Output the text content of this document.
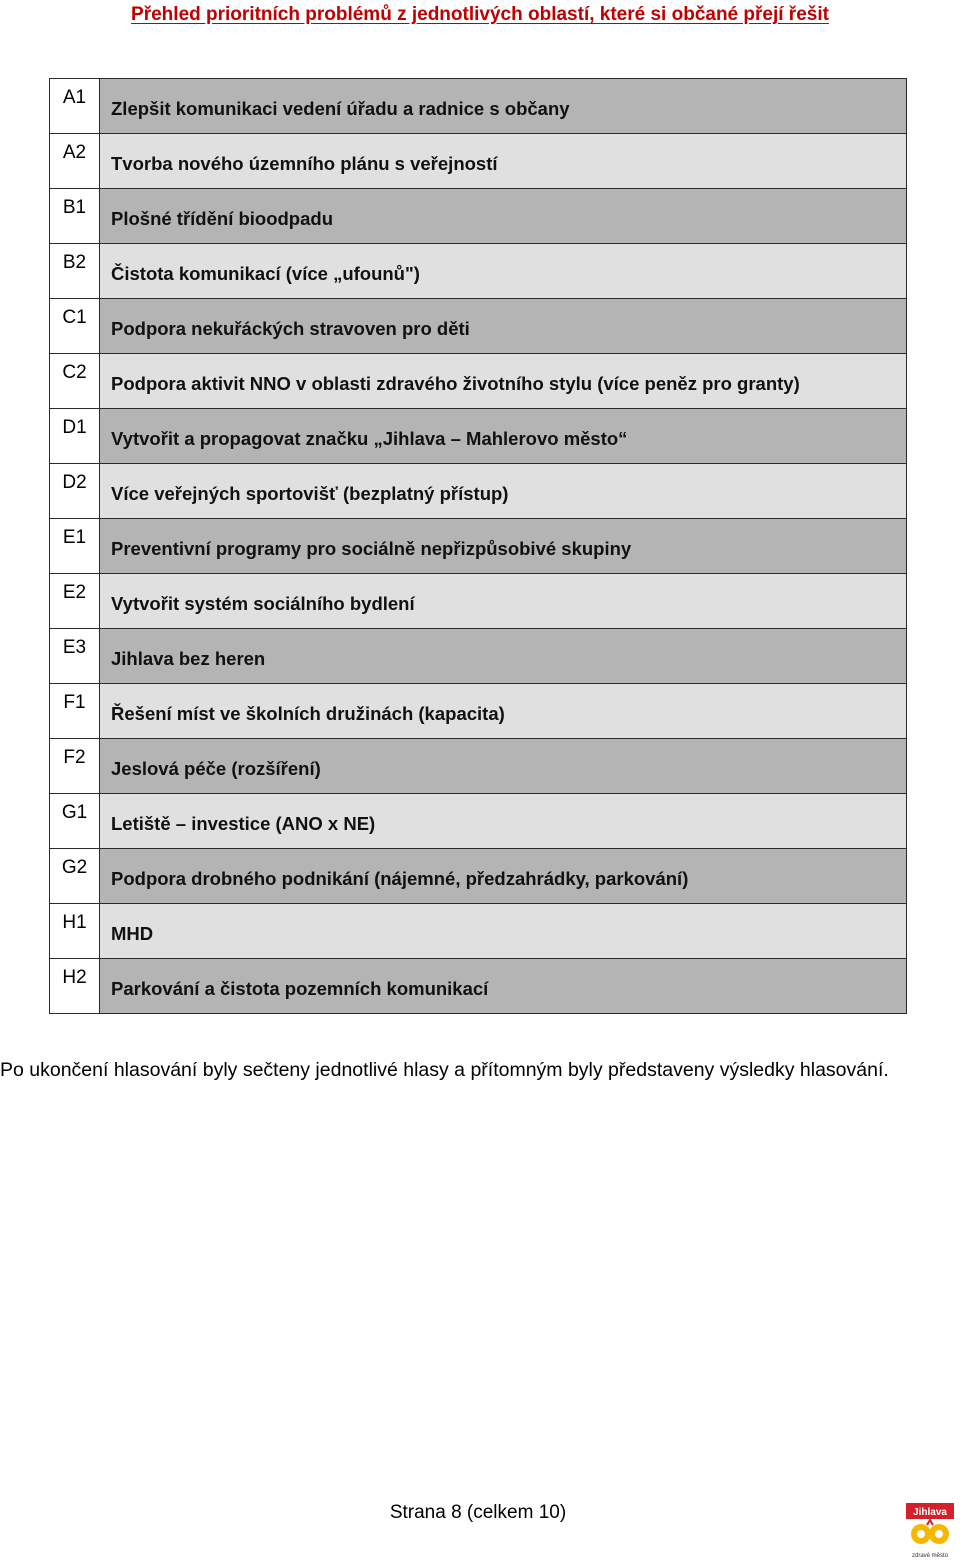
Přehled prioritních problémů z jednotlivých oblastí, které si občané přejí řešit
A1	Zlepšit komunikaci vedení úřadu a radnice s občany
A2	Tvorba nového územního plánu s veřejností
B1	Plošné třídění bioodpadu
B2	Čistota komunikací (více „ufounů")
C1	Podpora nekuřáckých stravoven pro děti
C2	Podpora aktivit NNO v oblasti zdravého životního stylu (více peněz pro granty)
D1	Vytvořit a propagovat značku „Jihlava – Mahlerovo město“
D2	Více veřejných sportovišť (bezplatný přístup)
E1	Preventivní programy pro sociálně nepřizpůsobivé skupiny
E2	Vytvořit systém sociálního bydlení
E3	Jihlava bez heren
F1	Řešení míst ve školních družinách (kapacita)
F2	Jeslová péče (rozšíření)
G1	Letiště – investice (ANO x NE)
G2	Podpora drobného podnikání (nájemné, předzahrádky, parkování)
H1	MHD
H2	Parkování a čistota pozemních komunikací
Po ukončení hlasování byly sečteny jednotlivé hlasy a přítomným byly představeny výsledky hlasování.
Strana 8 (celkem 10)	Jihlava
zdravé město
